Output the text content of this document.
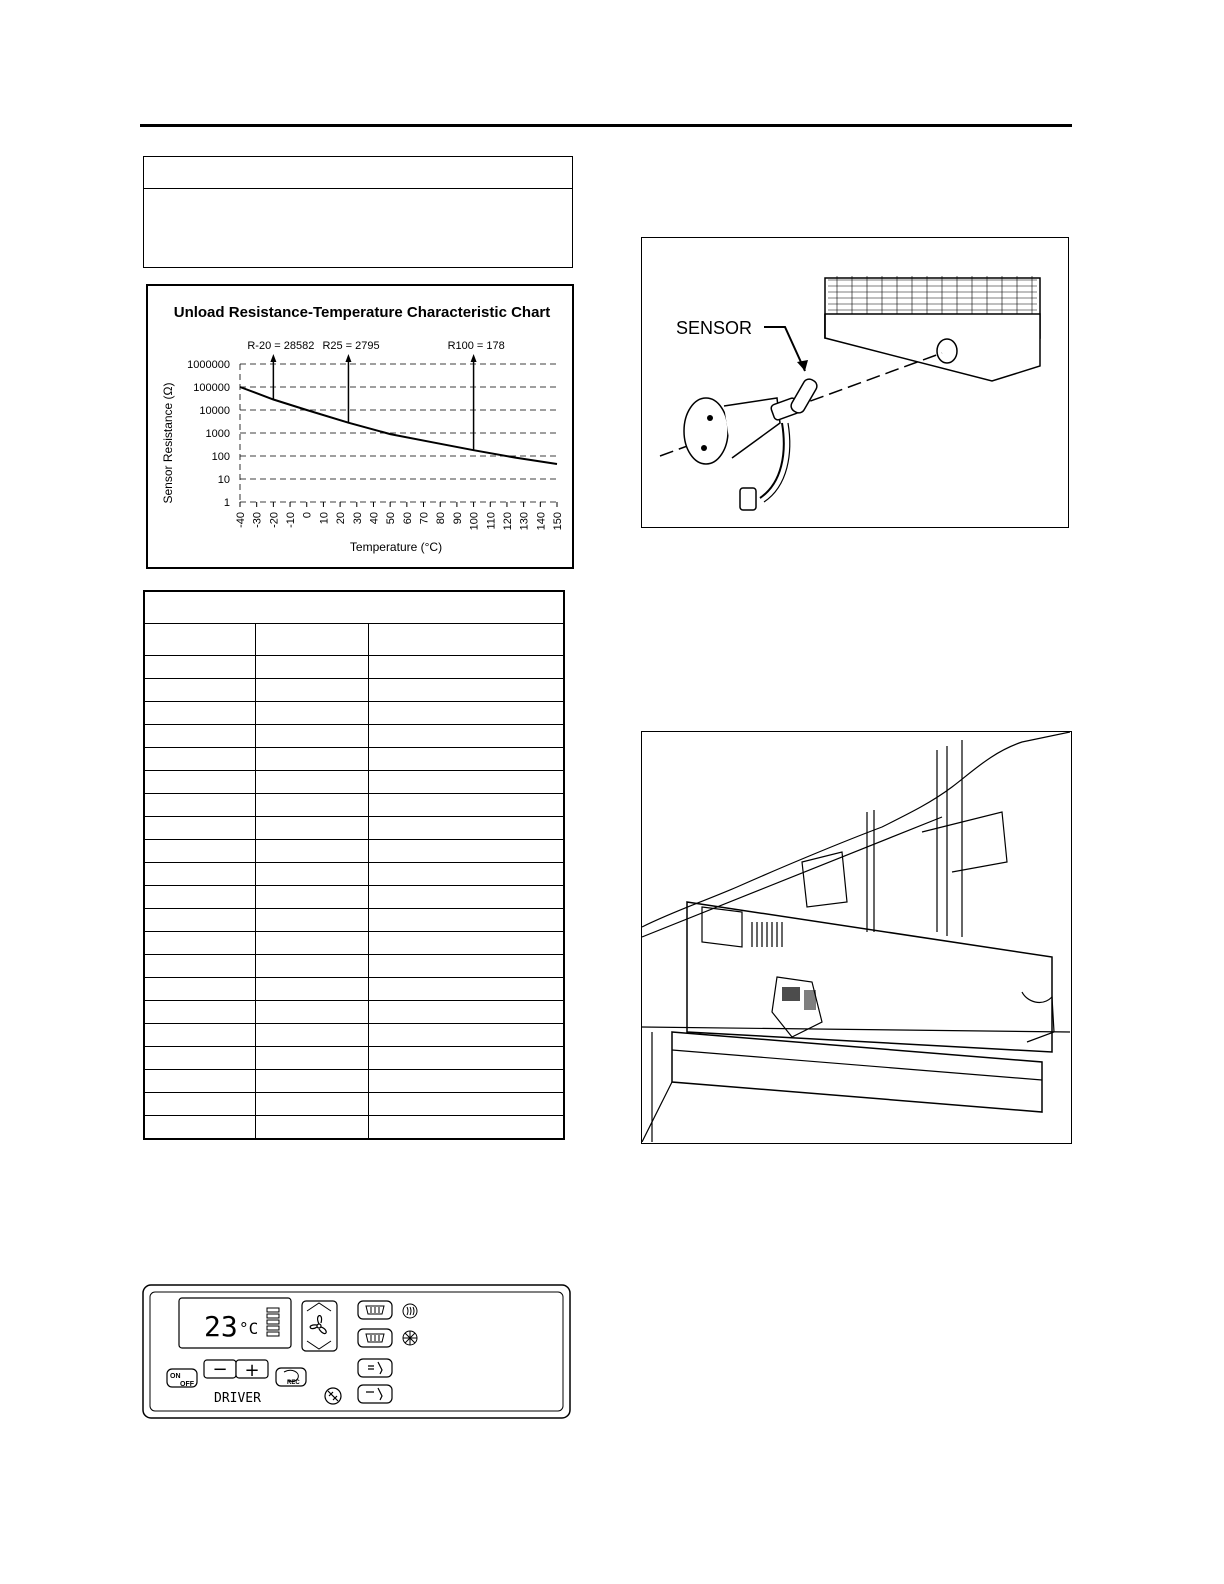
Unload Resistance-Temperature Characteristic Chart
R-20 = 28582 R25 = 2795	R100 = 178
1
10
100
1000
10000
100000
1000000
-40 -30 -20 -10 0 10 20 30 40 50 60 70 80 90 100 110 120 130 140 150
Sensor Resistance (Ω)
Temperature (°C)

SENSOR
23 °C
ON
OFF
− +
REC
DRIVER
